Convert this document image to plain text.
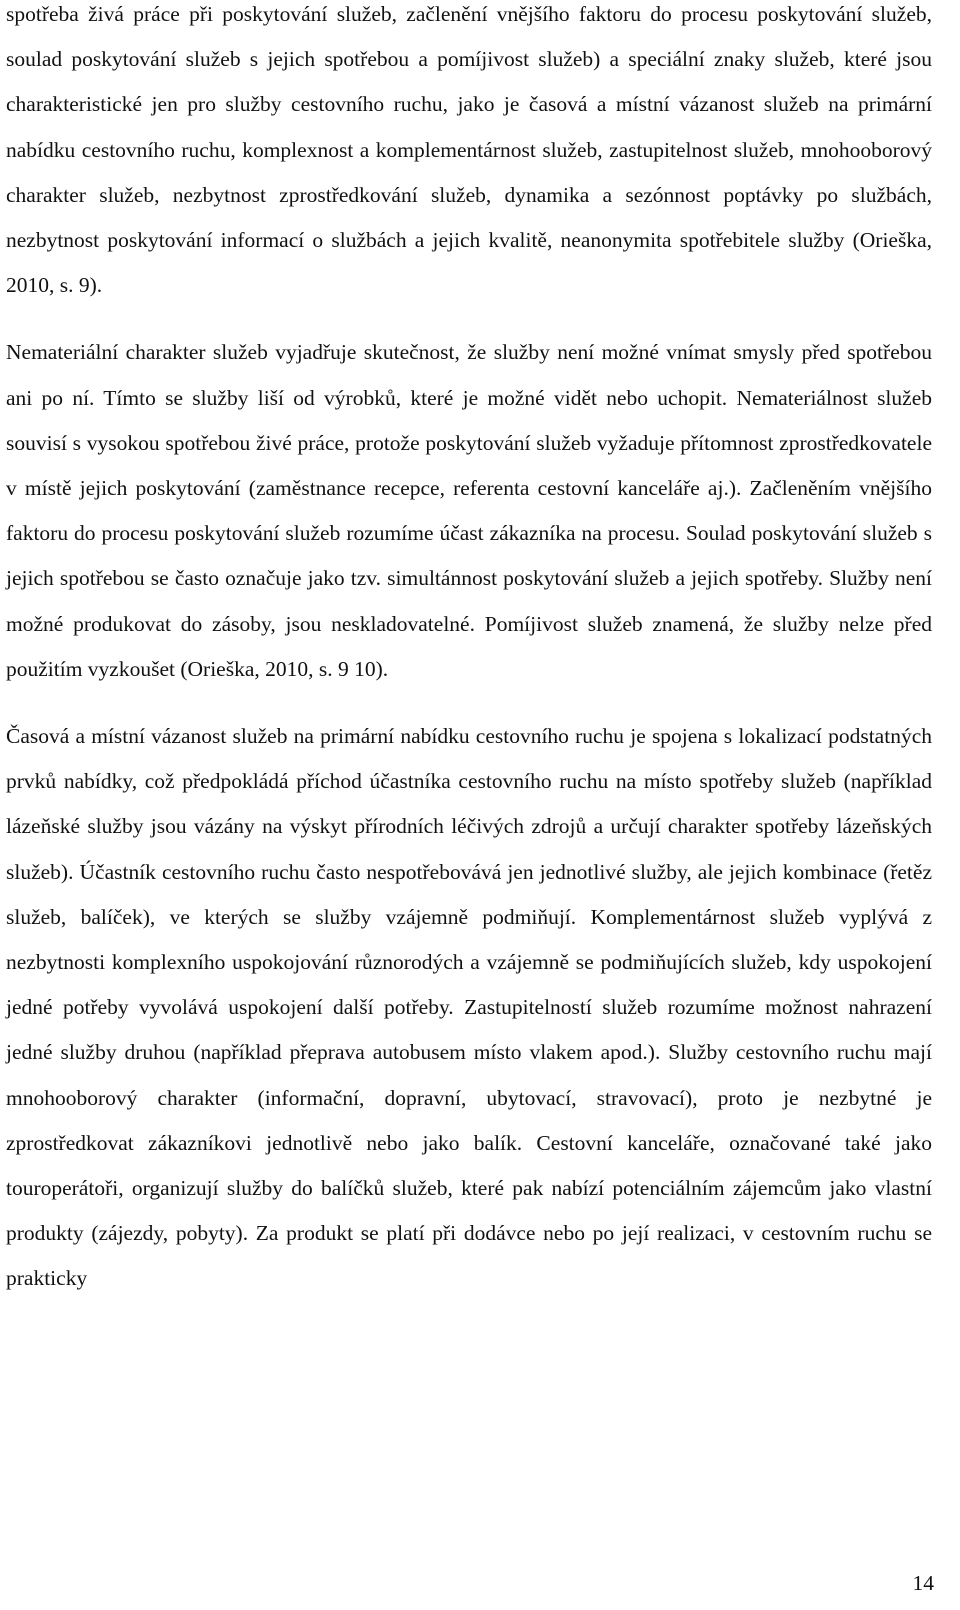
spotřeba živá práce při poskytování služeb, začlenění vnějšího faktoru do procesu poskytování služeb, soulad poskytování služeb s jejich spotřebou a pomíjivost služeb) a speciální znaky služeb, které jsou charakteristické jen pro služby cestovního ruchu, jako je časová a místní vázanost služeb na primární nabídku cestovního ruchu, komplexnost a komplementárnost služeb, zastupitelnost služeb, mnohooborový charakter služeb, nezbytnost zprostředkování služeb, dynamika a sezónnost poptávky po službách, nezbytnost poskytování informací o službách a jejich kvalitě, neanonymita spotřebitele služby (Orieška, 2010, s. 9).

Nemateriální charakter služeb vyjadřuje skutečnost, že služby není možné vnímat smysly před spotřebou ani po ní. Tímto se služby liší od výrobků, které je možné vidět nebo uchopit. Nemateriálnost služeb souvisí s vysokou spotřebou živé práce, protože poskytování služeb vyžaduje přítomnost zprostředkovatele v místě jejich poskytování (zaměstnance recepce, referenta cestovní kanceláře aj.). Začleněním vnějšího faktoru do procesu poskytování služeb rozumíme účast zákazníka na procesu. Soulad poskytování služeb s jejich spotřebou se často označuje jako tzv. simultánnost poskytování služeb a jejich spotřeby. Služby není možné produkovat do zásoby, jsou neskladovatelné. Pomíjivost služeb znamená, že služby nelze před použitím vyzkoušet (Orieška, 2010, s. 9 10).

Časová a místní vázanost služeb na primární nabídku cestovního ruchu je spojena s lokalizací podstatných prvků nabídky, což předpokládá příchod účastníka cestovního ruchu na místo spotřeby služeb (například lázeňské služby jsou vázány na výskyt přírodních léčivých zdrojů a určují charakter spotřeby lázeňských služeb). Účastník cestovního ruchu často nespotřebovává jen jednotlivé služby, ale jejich kombinace (řetěz služeb, balíček), ve kterých se služby vzájemně podmiňují. Komplementárnost služeb vyplývá z nezbytnosti komplexního uspokojování různorodých a vzájemně se podmiňujících služeb, kdy uspokojení jedné potřeby vyvolává uspokojení další potřeby. Zastupitelností služeb rozumíme možnost nahrazení jedné služby druhou (například přeprava autobusem místo vlakem apod.). Služby cestovního ruchu mají mnohooborový charakter (informační, dopravní, ubytovací, stravovací), proto je nezbytné je zprostředkovat zákazníkovi jednotlivě nebo jako balík. Cestovní kanceláře, označované také jako touroperátoři, organizují služby do balíčků služeb, které pak nabízí potenciálním zájemcům jako vlastní produkty (zájezdy, pobyty). Za produkt se platí při dodávce nebo po její realizaci, v cestovním ruchu se prakticky

14
